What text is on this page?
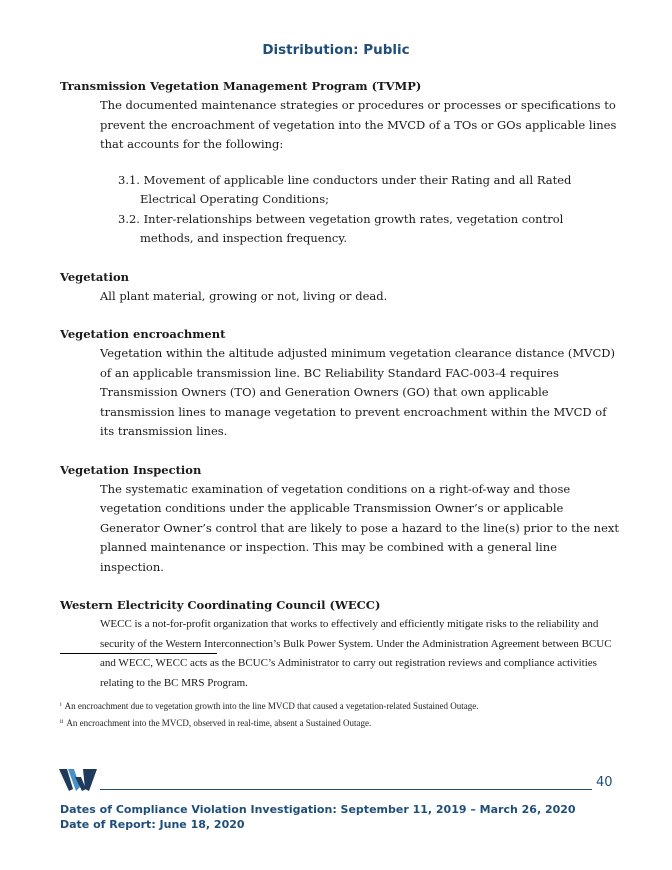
Distribution: Public

Transmission Vegetation Management Program (TVMP)

The documented maintenance strategies or procedures or processes or specifications to prevent the encroachment of vegetation into the MVCD of a TOs or GOs applicable lines that accounts for the following:

3.1. Movement of applicable line conductors under their Rating and all Rated Electrical Operating Conditions;

3.2. Inter-relationships between vegetation growth rates, vegetation control methods, and inspection frequency.

Vegetation

All plant material, growing or not, living or dead.

Vegetation encroachment

Vegetation within the altitude adjusted minimum vegetation clearance distance (MVCD) of an applicable transmission line. BC Reliability Standard FAC-003-4 requires Transmission Owners (TO) and Generation Owners (GO) that own applicable transmission lines to manage vegetation to prevent encroachment within the MVCD of its transmission lines.

Vegetation Inspection

The systematic examination of vegetation conditions on a right-of-way and those vegetation conditions under the applicable Transmission Owner’s or applicable Generator Owner’s control that are likely to pose a hazard to the line(s) prior to the next planned maintenance or inspection. This may be combined with a general line inspection.

Western Electricity Coordinating Council (WECC)

WECC is a not-for-profit organization that works to effectively and efficiently mitigate risks to the reliability and security of the Western Interconnection’s Bulk Power System. Under the Administration Agreement between BCUC and WECC, WECC acts as the BCUC’s Administrator to carry out registration reviews and compliance activities relating to the BC MRS Program.

$^i$ An encroachment due to vegetation growth into the line MVCD that caused a vegetation-related Sustained Outage.
$^{ii}$ An encroachment into the MVCD, observed in real-time, absent a Sustained Outage.
40
Dates of Compliance Violation Investigation: September 11, 2019 – March 26, 2020
Date of Report: June 18, 2020
